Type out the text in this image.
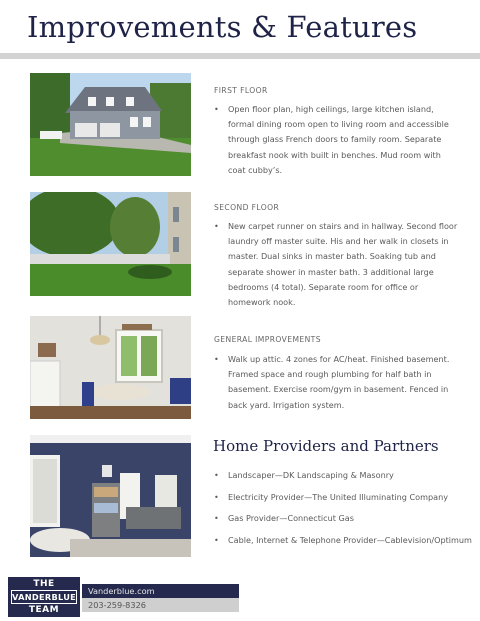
Improvements & Features
FIRST FLOOR
• Open floor plan, high ceilings, large kitchen island, formal dining room open to living room and accessible through glass French doors to family room. Separate breakfast nook with built in benches. Mud room with coat cubby’s.
SECOND FLOOR
• New carpet runner on stairs and in hallway. Second floor laundry off master suite. His and her walk in closets in master. Dual sinks in master bath. Soaking tub and separate shower in master bath. 3 additional large bedrooms (4 total). Separate room for office or homework nook.
GENERAL IMPROVEMENTS
• Walk up attic. 4 zones for AC/heat. Finished basement. Framed space and rough plumbing for half bath in basement. Exercise room/gym in basement. Fenced in back yard. Irrigation system.
Home Providers and Partners
• Landscaper—DK Landscaping & Masonry
• Electricity Provider—The United Illuminating Company
• Gas Provider—Connecticut Gas
• Cable, Internet & Telephone Provider—Cablevision/Optimum
THE
VANDERBLUE
TEAM
Vanderblue.com
203-259-8326
